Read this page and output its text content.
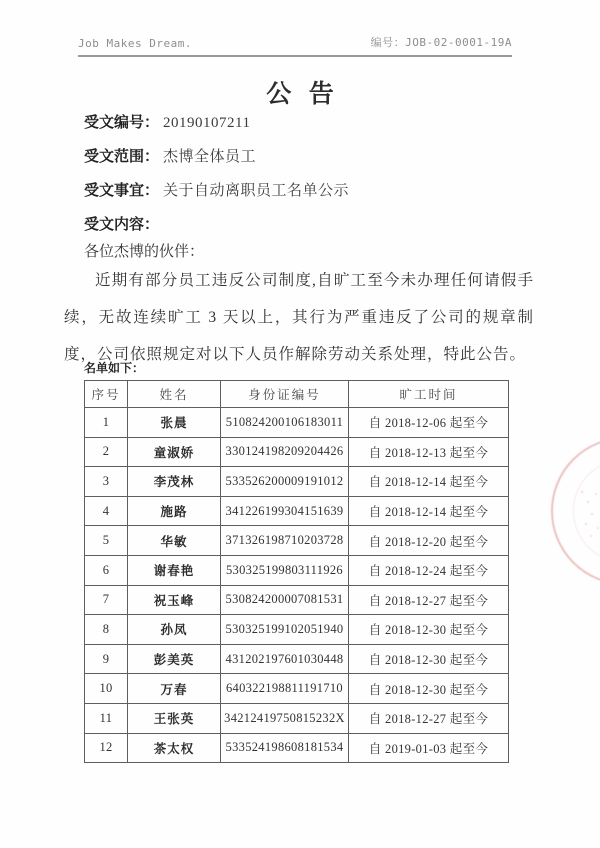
Job Makes Dream.	编号：JOB-02-0001-19A
公  告
受文编号： 20190107211
受文范围： 杰博全体员工
受文事宜： 关于自动离职员工名单公示
受文内容：
各位杰博的伙伴：

近期有部分员工违反公司制度,自旷工至今未办理任何请假手续，无故连续旷工 3 天以上，其行为严重违反了公司的规章制度，公司依照规定对以下人员作解除劳动关系处理，特此公告。

名单如下：
序号	姓名	身份证编号	旷工时间
1	张晨	510824200106183011	自 2018-12-06 起至今
2	童淑娇	330124198209204426	自 2018-12-13 起至今
3	李茂林	533526200009191012	自 2018-12-14 起至今
4	施路	341226199304151639	自 2018-12-14 起至今
5	华敏	371326198710203728	自 2018-12-20 起至今
6	谢春艳	530325199803111926	自 2018-12-24 起至今
7	祝玉峰	530824200007081531	自 2018-12-27 起至今
8	孙凤	530325199102051940	自 2018-12-30 起至今
9	彭美英	431202197601030448	自 2018-12-30 起至今
10	万春	640322198811191710	自 2018-12-30 起至今
11	王张英	34212419750815232X	自 2018-12-27 起至今
12	茶太权	533524198608181534	自 2019-01-03 起至今
